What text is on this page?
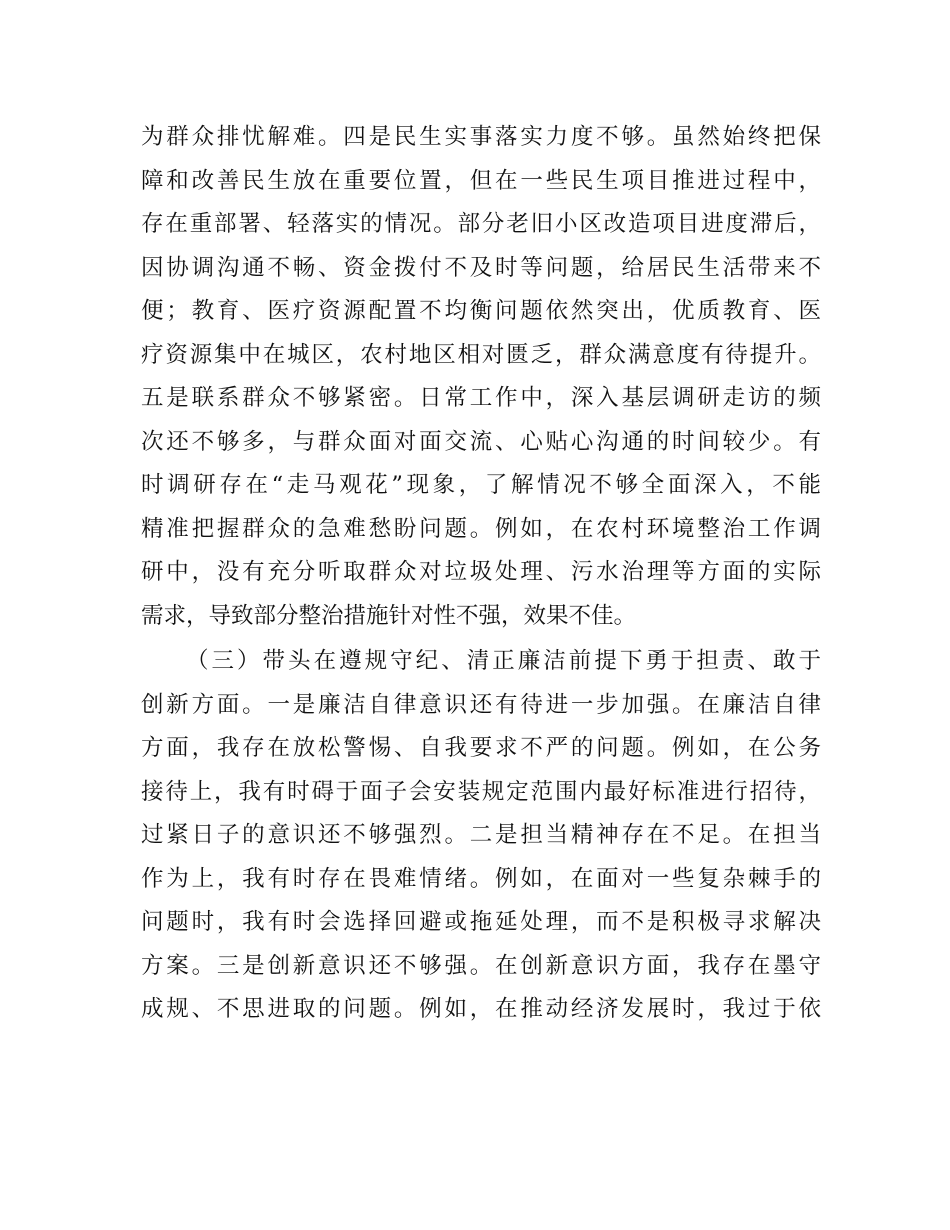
为群众排忧解难。四是民生实事落实力度不够。虽然始终把保
障和改善民生放在重要位置，但在一些民生项目推进过程中，
存在重部署、轻落实的情况。部分老旧小区改造项目进度滞后，
因协调沟通不畅、资金拨付不及时等问题，给居民生活带来不
便；教育、医疗资源配置不均衡问题依然突出，优质教育、医
疗资源集中在城区，农村地区相对匮乏，群众满意度有待提升。
五是联系群众不够紧密。日常工作中，深入基层调研走访的频
次还不够多，与群众面对面交流、心贴心沟通的时间较少。有
时调研存在“走马观花”现象，了解情况不够全面深入，不能
精准把握群众的急难愁盼问题。例如，在农村环境整治工作调
研中，没有充分听取群众对垃圾处理、污水治理等方面的实际
需求，导致部分整治措施针对性不强，效果不佳。
（三）带头在遵规守纪、清正廉洁前提下勇于担责、敢于
创新方面。一是廉洁自律意识还有待进一步加强。在廉洁自律
方面，我存在放松警惕、自我要求不严的问题。例如，在公务
接待上，我有时碍于面子会安装规定范围内最好标准进行招待，
过紧日子的意识还不够强烈。二是担当精神存在不足。在担当
作为上，我有时存在畏难情绪。例如，在面对一些复杂棘手的
问题时，我有时会选择回避或拖延处理，而不是积极寻求解决
方案。三是创新意识还不够强。在创新意识方面，我存在墨守
成规、不思进取的问题。例如，在推动经济发展时，我过于依
